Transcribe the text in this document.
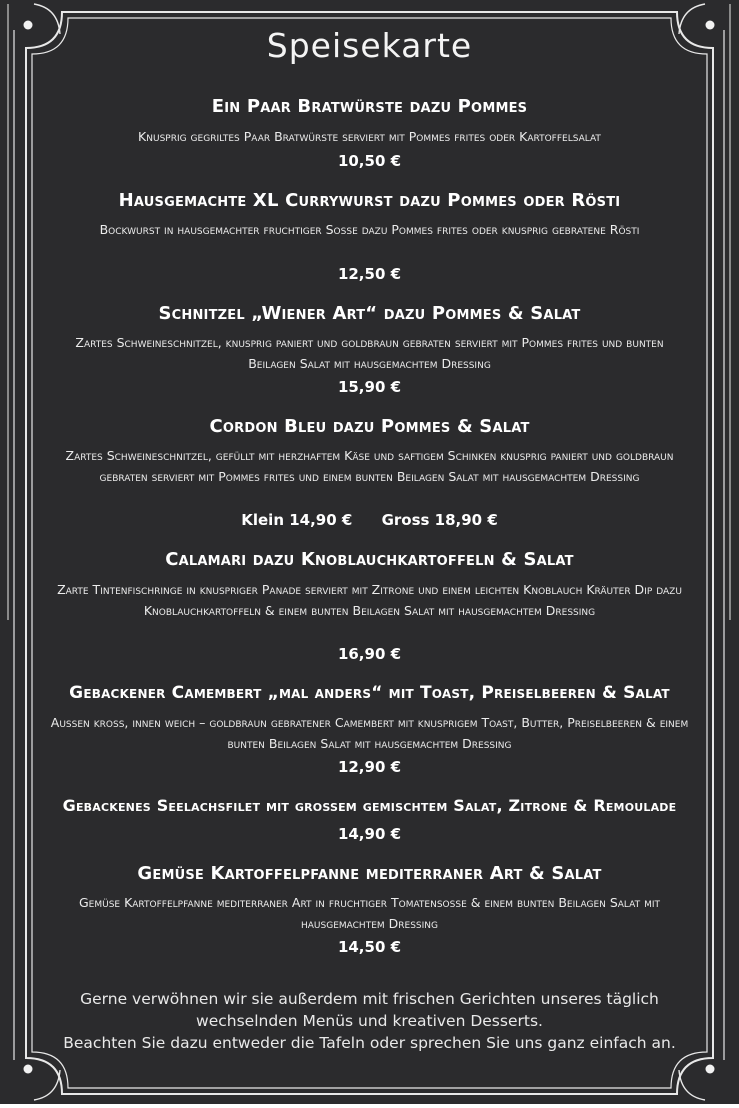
Speisekarte
Ein Paar Bratwürste dazu Pommes
Knusprig gegriltes Paar Bratwürste serviert mit Pommes frites oder Kartoffelsalat
10,50 €
Hausgemachte XL Currywurst dazu Pommes oder Rösti
Bockwurst in hausgemachter fruchtiger Sosse dazu Pommes frites oder knusprig gebratene Rösti
12,50 €
Schnitzel „Wiener Art“ dazu Pommes & Salat
Zartes Schweineschnitzel, knusprig paniert und goldbraun gebraten serviert mit Pommes frites und bunten Beilagen Salat mit hausgemachtem Dressing
15,90 €
Cordon Bleu dazu Pommes & Salat
Zartes Schweineschnitzel, gefüllt mit herzhaftem Käse und saftigem Schinken knusprig paniert und goldbraun gebraten serviert mit Pommes frites und einem bunten Beilagen Salat mit hausgemachtem Dressing
Klein 14,90 € Gross 18,90 €
Calamari dazu Knoblauchkartoffeln & Salat
Zarte Tintenfischringe in knuspriger Panade serviert mit Zitrone und einem leichten Knoblauch Kräuter Dip dazu Knoblauchkartoffeln & einem bunten Beilagen Salat mit hausgemachtem Dressing
16,90 €
Gebackener Camembert „mal anders“ mit Toast, Preiselbeeren & Salat
Aussen kross, innen weich – goldbraun gebratener Camembert mit knusprigem Toast, Butter, Preiselbeeren & einem bunten Beilagen Salat mit hausgemachtem Dressing
12,90 €
Gebackenes Seelachsfilet mit grossem gemischtem Salat, Zitrone & Remoulade
14,90 €
Gemüse Kartoffelpfanne mediterraner Art & Salat
Gemüse Kartoffelpfanne mediterraner Art in fruchtiger Tomatensosse & einem bunten Beilagen Salat mit hausgemachtem Dressing
14,50 €
Gerne verwöhnen wir sie außerdem mit frischen Gerichten unseres täglich
wechselnden Menüs und kreativen Desserts.
Beachten Sie dazu entweder die Tafeln oder sprechen Sie uns ganz einfach an.
